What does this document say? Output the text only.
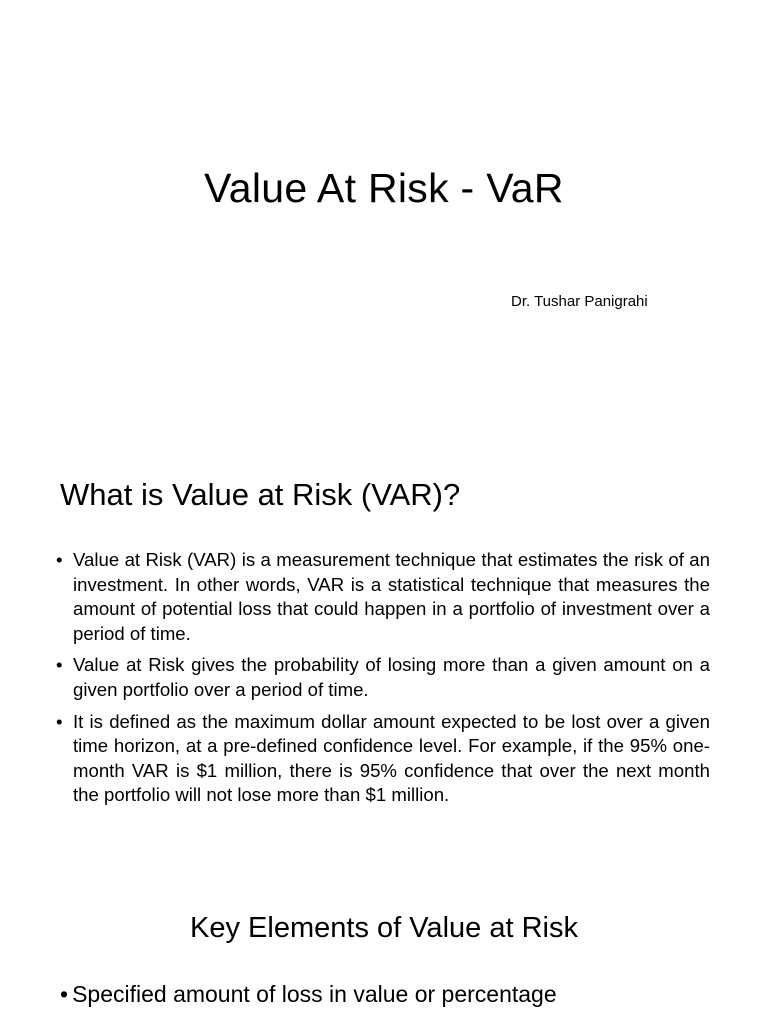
Value At Risk - VaR
Dr. Tushar Panigrahi
What is Value at Risk (VAR)?
• Value at Risk (VAR) is a measurement technique that estimates the risk of an investment. In other words, VAR is a statistical technique that measures the amount of potential loss that could happen in a portfolio of investment over a period of time.
• Value at Risk gives the probability of losing more than a given amount on a given portfolio over a period of time.
• It is defined as the maximum dollar amount expected to be lost over a given time horizon, at a pre-defined confidence level. For example, if the 95% one-month VAR is $1 million, there is 95% confidence that over the next month the portfolio will not lose more than $1 million.
Key Elements of Value at Risk
• Specified amount of loss in value or percentage
